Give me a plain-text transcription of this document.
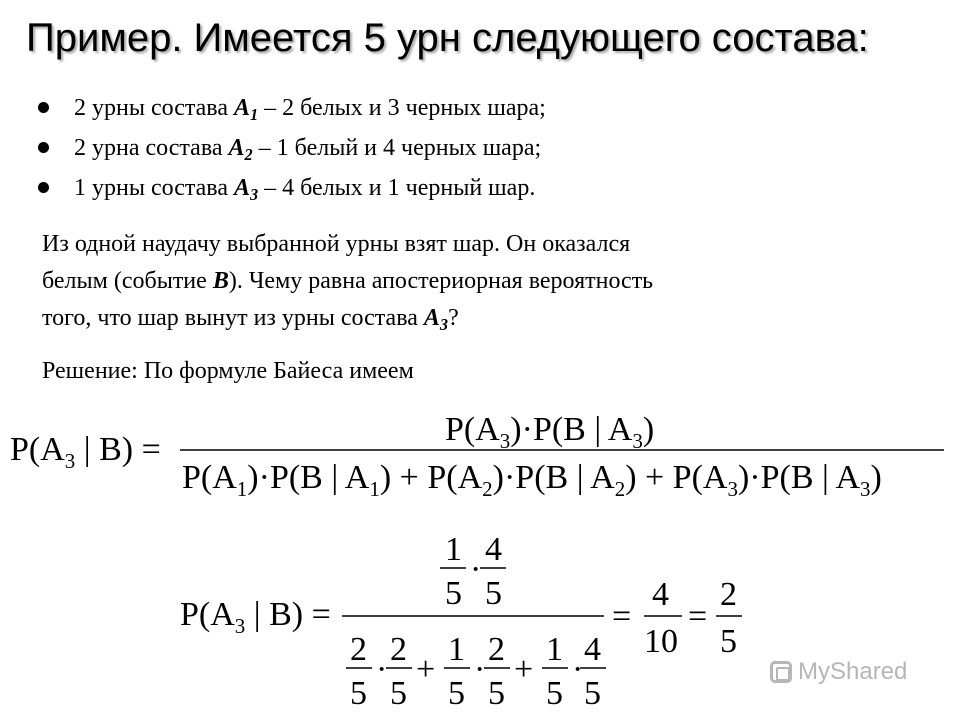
Пример. Имеется 5 урн следующего состава:
2 урны состава $A_1 - 2$ белых и 3 черных шара;
2 урна состава $A_2 - 1$ белый и 4 черных шара;
1 урны состава $A_3 - 4$ белых и 1 черный шар.
Из одной наудачу выбранной урны взят шар. Он оказался
белым (событие B). Чему равна апостериорная вероятность
того, что шар вынут из урны состава $A_3$?
Решение: По формуле Байеса имеем
$P(A_3$ | B) =
$P(A_3)\cdot P(B$ | $A_3$)
$P(A_1)\cdot P(B$ | $A_1) + P(A_2)\cdot P(B$ | $A_2) + P(A_3)\cdot P(B$ | $A_3$)
$P(A_3$ | B) =
1
5
·
4
5
2
5
·
2
5
+
1
5
·
2
5
+
1
5
·
4
5
=
4
10
=
2
5
MyShared
